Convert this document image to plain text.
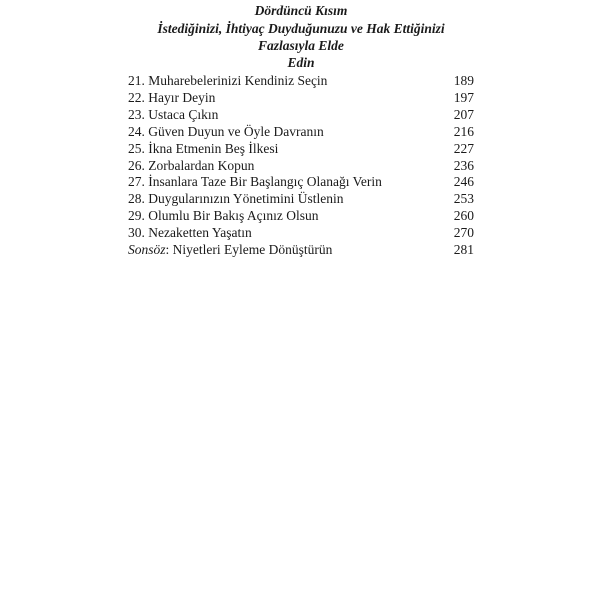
Dördüncü Kısım

İstediğinizi, İhtiyaç Duyduğunuzu ve Hak Ettiğinizi Fazlasıyla Elde
Edin

21. Muharebelerinizi Kendiniz Seçin	189
22. Hayır Deyin	197
23. Ustaca Çıkın	207
24. Güven Duyun ve Öyle Davranın	216
25. İkna Etmenin Beş İlkesi	227
26. Zorbalardan Kopun	236
27. İnsanlara Taze Bir Başlangıç Olanağı Verin	246
28. Duygularınızın Yönetimini Üstlenin	253
29. Olumlu Bir Bakış Açınız Olsun	260
30. Nezaketten Yaşatın	270
Sonsöz: Niyetleri Eyleme Dönüştürün	281
